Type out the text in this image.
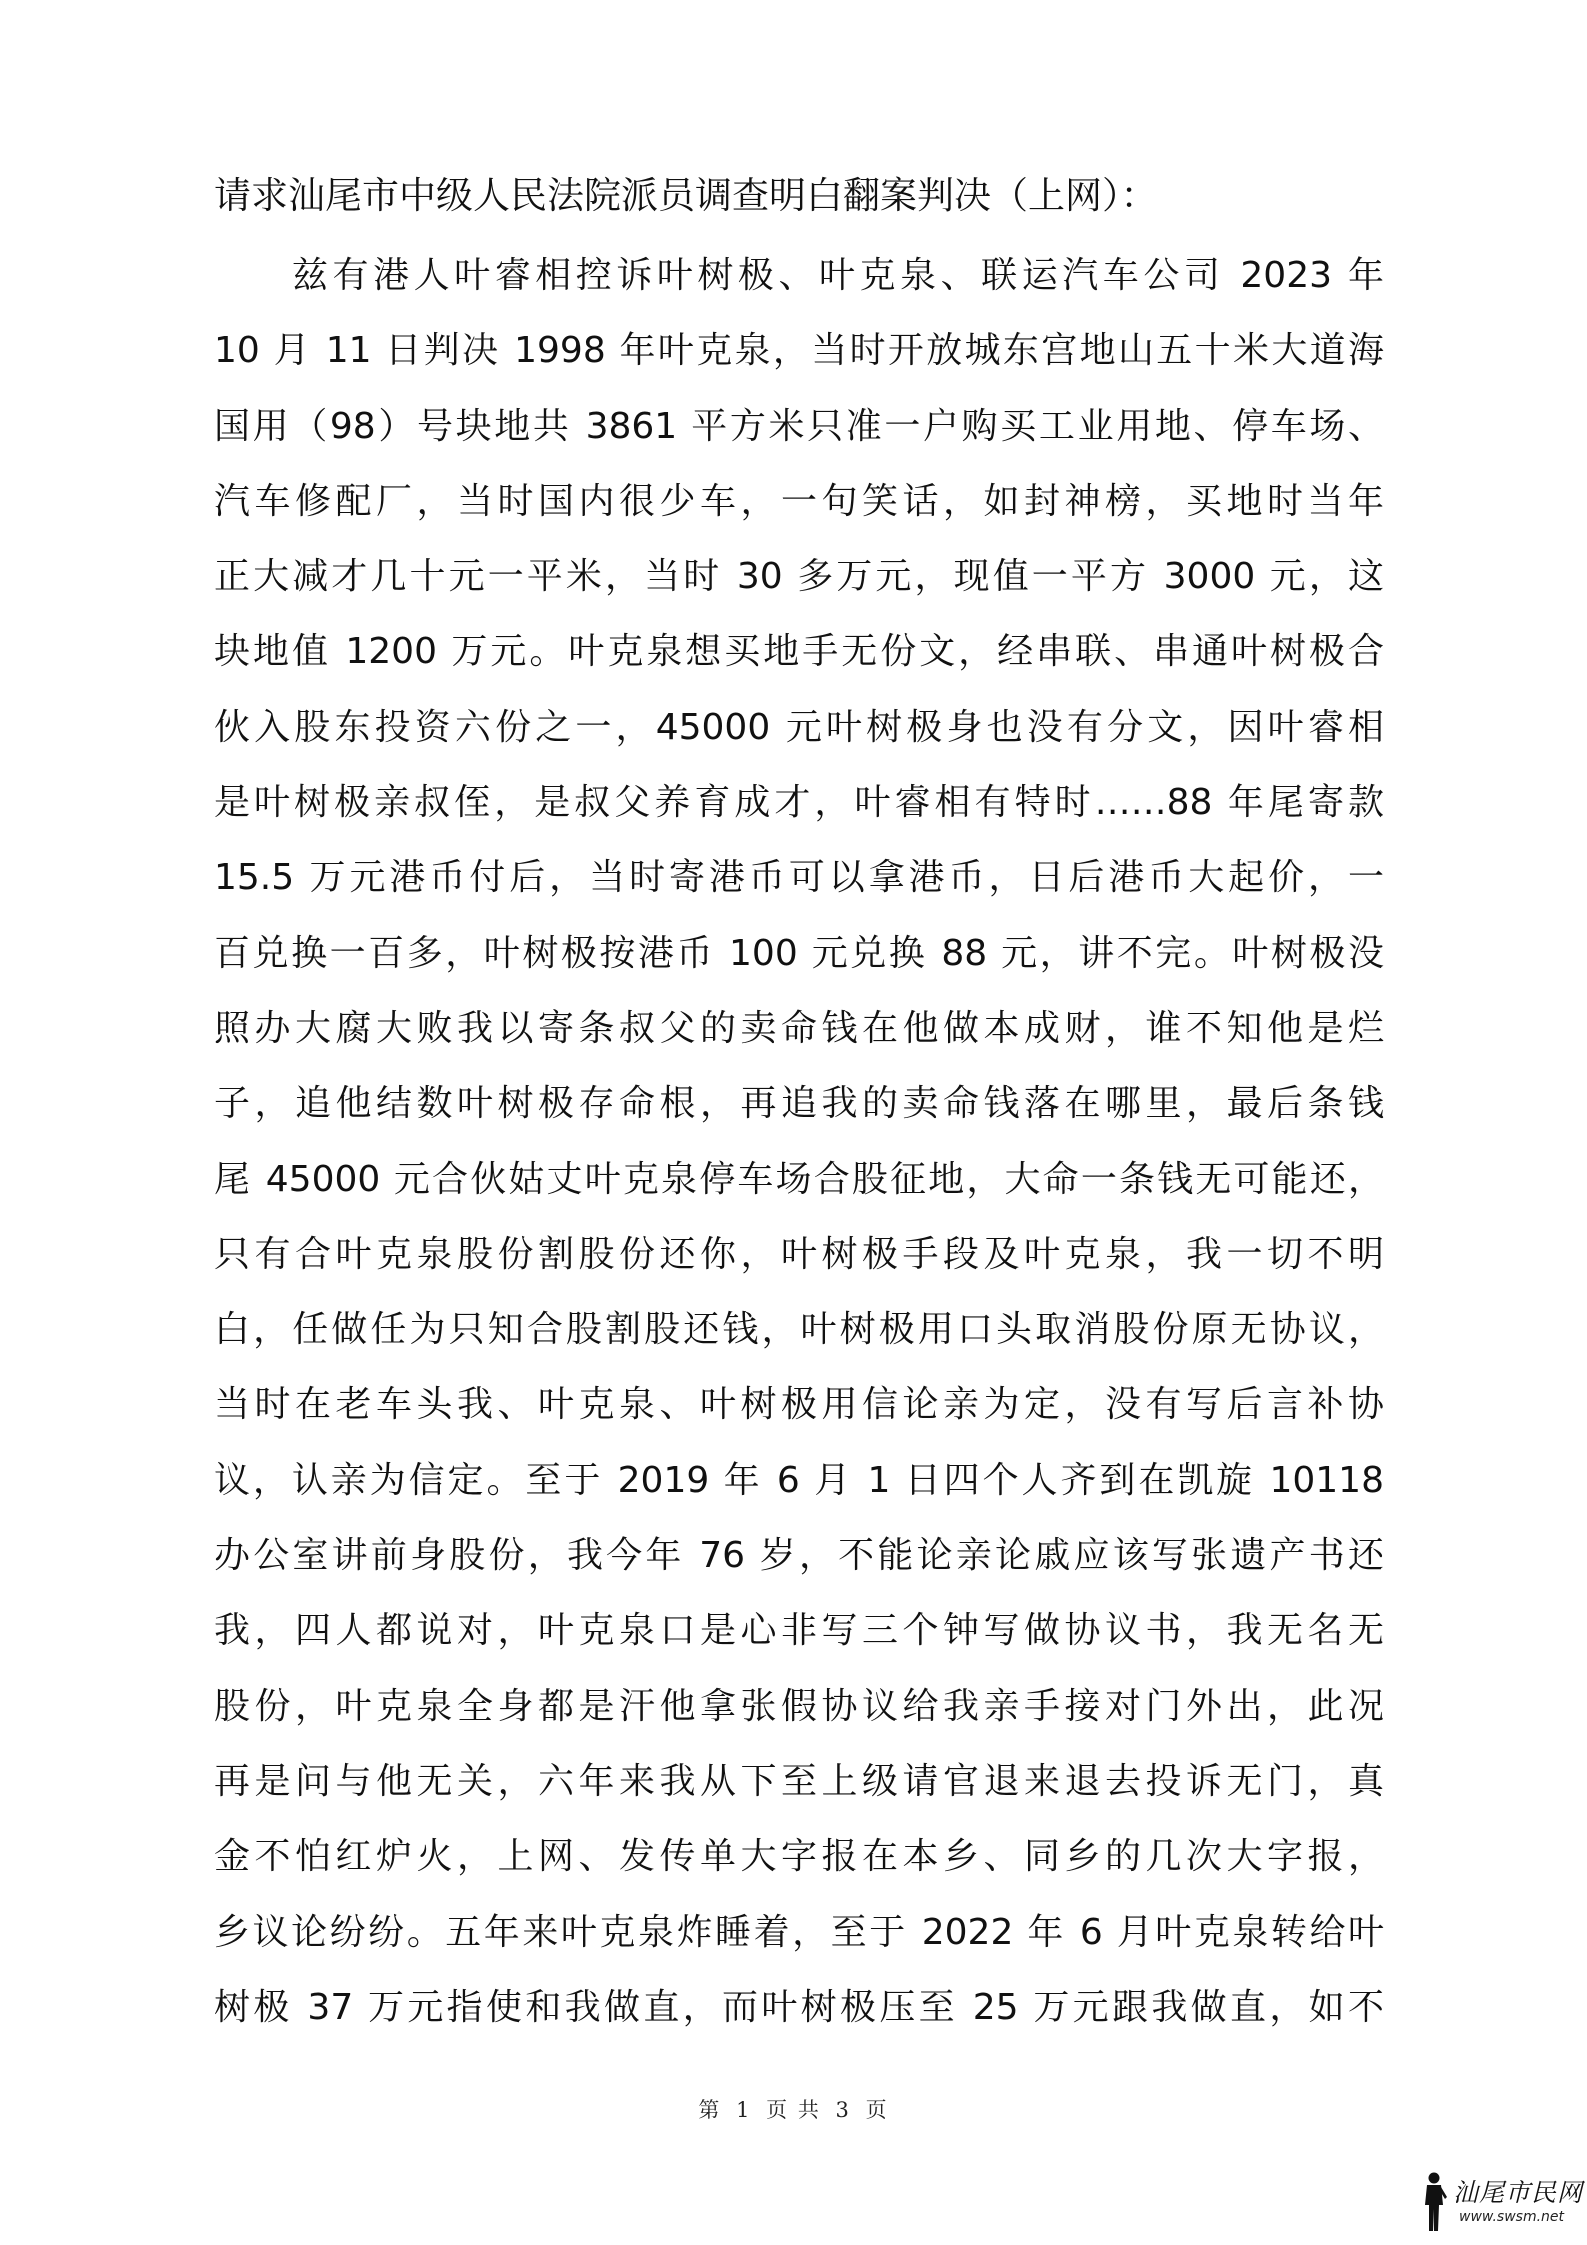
请求汕尾市中级人民法院派员调查明白翻案判决（上网）：
兹有港人叶睿相控诉叶树极、叶克泉、联运汽车公司 2023 年
10 月 11 日判决 1998 年叶克泉，当时开放城东宫地山五十米大道海
国用（98）号块地共 3861 平方米只准一户购买工业用地、停车场、
汽车修配厂，当时国内很少车，一句笑话，如封神榜，买地时当年
正大减才几十元一平米，当时 30 多万元，现值一平方 3000 元，这
块地值 1200 万元。叶克泉想买地手无份文，经串联、串通叶树极合
伙入股东投资六份之一，45000 元叶树极身也没有分文，因叶睿相
是叶树极亲叔侄，是叔父养育成才，叶睿相有特时……88 年尾寄款
15.5 万元港币付后，当时寄港币可以拿港币，日后港币大起价，一
百兑换一百多，叶树极按港币 100 元兑换 88 元，讲不完。叶树极没
照办大腐大败我以寄条叔父的卖命钱在他做本成财，谁不知他是烂
子，追他结数叶树极存命根，再追我的卖命钱落在哪里，最后条钱
尾 45000 元合伙姑丈叶克泉停车场合股征地，大命一条钱无可能还，
只有合叶克泉股份割股份还你，叶树极手段及叶克泉，我一切不明
白，任做任为只知合股割股还钱，叶树极用口头取消股份原无协议，
当时在老车头我、叶克泉、叶树极用信论亲为定，没有写后言补协
议，认亲为信定。至于 2019 年 6 月 1 日四个人齐到在凯旋 10118
办公室讲前身股份，我今年 76 岁，不能论亲论戚应该写张遗产书还
我，四人都说对，叶克泉口是心非写三个钟写做协议书，我无名无
股份，叶克泉全身都是汗他拿张假协议给我亲手接对门外出，此况
再是问与他无关，六年来我从下至上级请官退来退去投诉无门，真
金不怕红炉火，上网、发传单大字报在本乡、同乡的几次大字报，
乡议论纷纷。五年来叶克泉炸睡着，至于 2022 年 6 月叶克泉转给叶
树极 37 万元指使和我做直，而叶树极压至 25 万元跟我做直，如不
第 1 页 共 3 页
汕尾市民网
www.swsm.net
